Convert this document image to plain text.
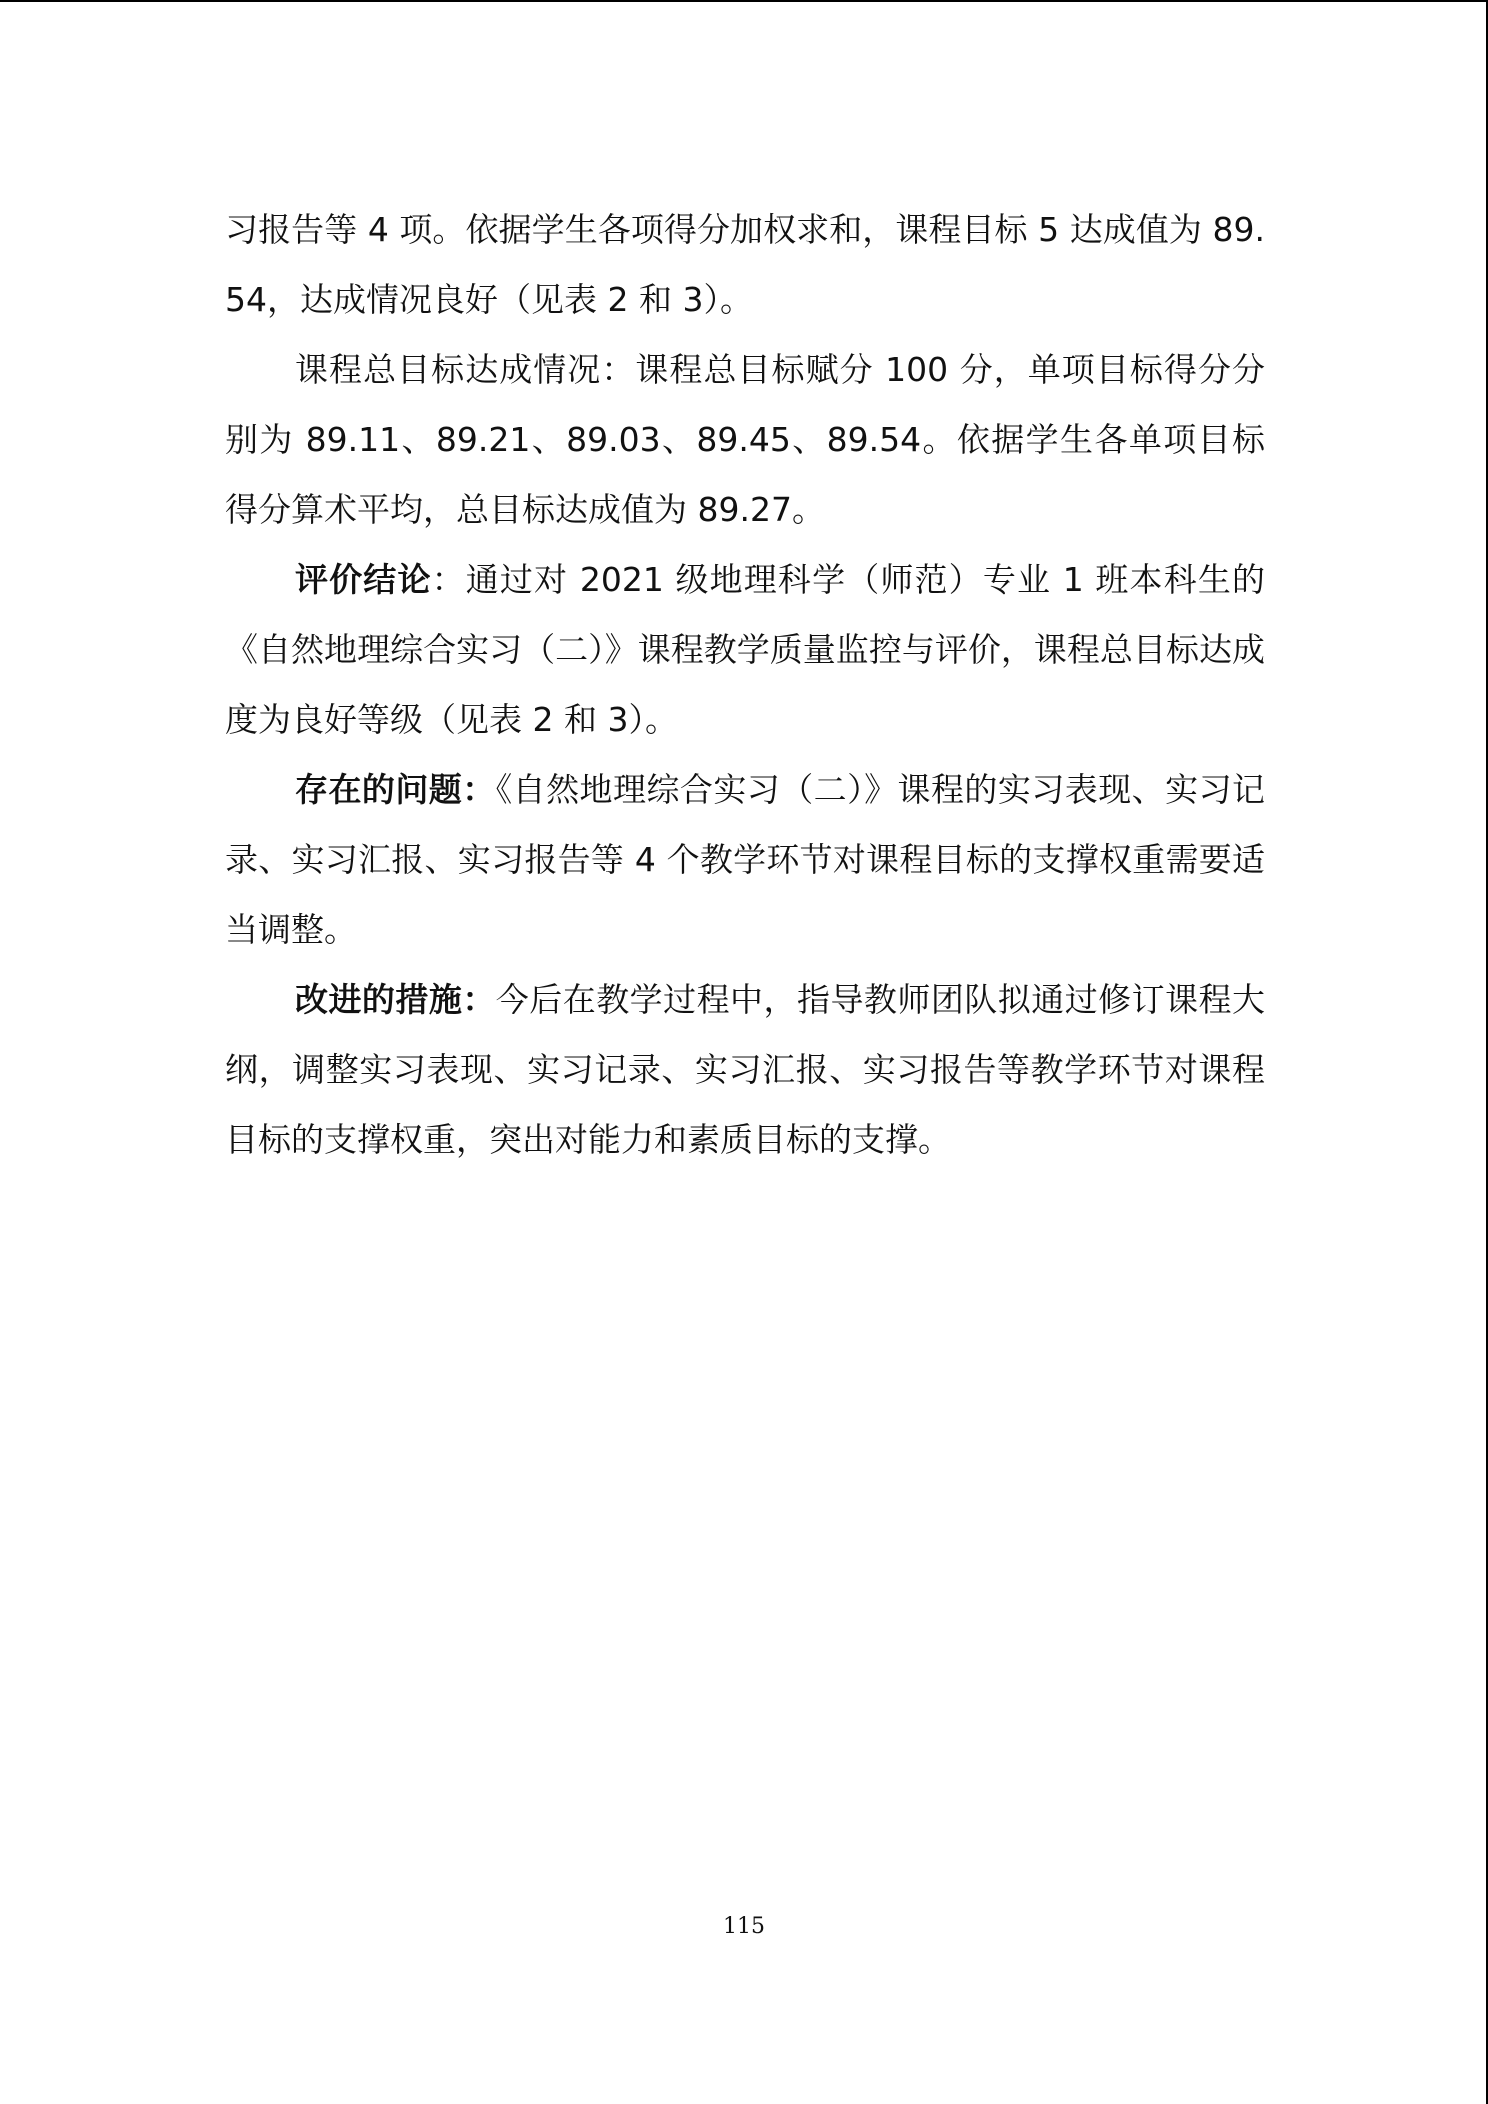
习报告等 4 项。依据学生各项得分加权求和，课程目标 5 达成值为 89.54，达成情况良好（见表 2 和 3）。

课程总目标达成情况：课程总目标赋分 100 分，单项目标得分分别为 89.11、89.21、89.03、89.45、89.54。依据学生各单项目标得分算术平均，总目标达成值为 89.27。

评价结论：通过对 2021 级地理科学（师范）专业 1 班本科生的《自然地理综合实习（二）》课程教学质量监控与评价，课程总目标达成度为良好等级（见表 2 和 3）。

存在的问题：《自然地理综合实习（二）》课程的实习表现、实习记录、实习汇报、实习报告等 4 个教学环节对课程目标的支撑权重需要适当调整。

改进的措施：今后在教学过程中，指导教师团队拟通过修订课程大纲，调整实习表现、实习记录、实习汇报、实习报告等教学环节对课程目标的支撑权重，突出对能力和素质目标的支撑。

115
